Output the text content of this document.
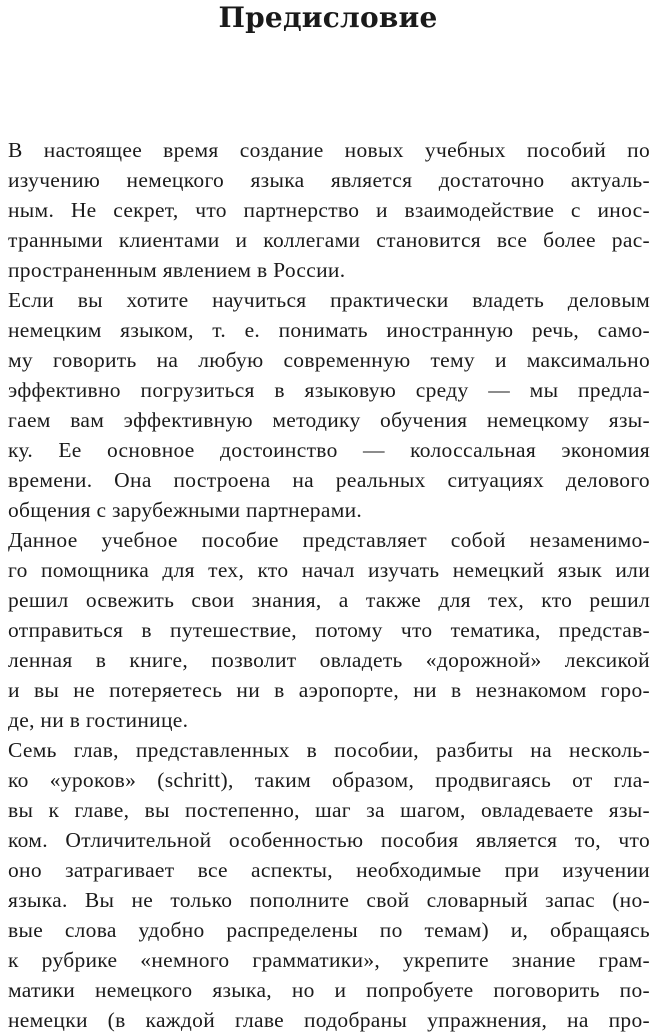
Предисловие
В настоящее время создание новых учебных пособий по
изучению немецкого языка является достаточно актуаль-
ным. Не секрет, что партнерство и взаимодействие с инос-
транными клиентами и коллегами становится все более рас-
пространенным явлением в России.
Если вы хотите научиться практически владеть деловым
немецким языком, т. е. понимать иностранную речь, само-
му говорить на любую современную тему и максимально
эффективно погрузиться в языковую среду — мы предла-
гаем вам эффективную методику обучения немецкому язы-
ку. Ее основное достоинство — колоссальная экономия
времени. Она построена на реальных ситуациях делового
общения с зарубежными партнерами.
Данное учебное пособие представляет собой незаменимо-
го помощника для тех, кто начал изучать немецкий язык или
решил освежить свои знания, а также для тех, кто решил
отправиться в путешествие, потому что тематика, представ-
ленная в книге, позволит овладеть «дорожной» лексикой
и вы не потеряетесь ни в аэропорте, ни в незнакомом горо-
де, ни в гостинице.
Семь глав, представленных в пособии, разбиты на несколь-
ко «уроков» (schritt), таким образом, продвигаясь от гла-
вы к главе, вы постепенно, шаг за шагом, овладеваете язы-
ком. Отличительной особенностью пособия является то, что
оно затрагивает все аспекты, необходимые при изучении
языка. Вы не только пополните свой словарный запас (но-
вые слова удобно распределены по темам) и, обращаясь
к рубрике «немного грамматики», укрепите знание грам-
матики немецкого языка, но и попробуете поговорить по-
немецки (в каждой главе подобраны упражнения, на про-
